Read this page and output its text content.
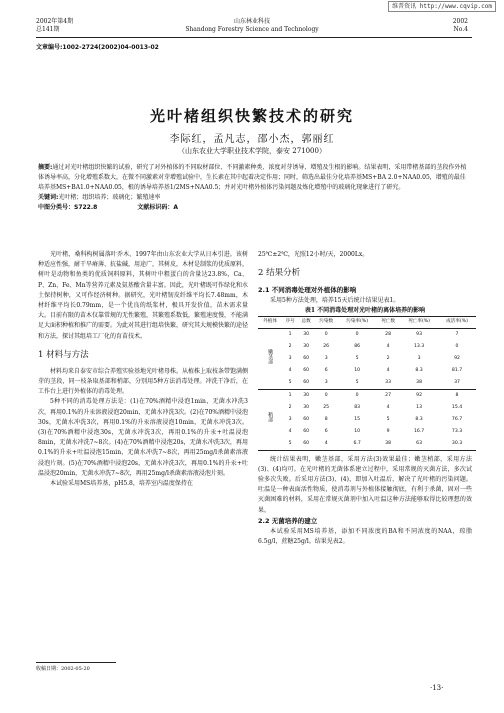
维普资讯 http://www.cqvip.com
2002年第4期
总141期
山东林业科技
Shandong Forestry Science and Technology
2002
No.4
文章编号:1002-2724(2002)04-0013-02
光叶楮组织快繁技术的研究
李际红，孟凡志，邵小杰，郭丽红
（山东农业大学职业技术学院，泰安 271000）
摘要:通过对光叶楮组织快繁的试验，研究了对外植体的不同取材部位、不同激素种类、浓度对芽诱导、增殖及生根的影响。结果表明，采用带楮基部的茎段作外植体诱导率高，分化增殖系数大，在微不同激素对芽增殖试验中，生长素在其中起着决定作用；同时，筛选出最佳分化培养基MS+BA 2.0+NAA0.05，增殖的最佳培养基MS+BA1.0+NAA0.05，根的诱导培养基1/2MS+NAA0.5；并对光叶楮外植体污染问题及炼化增殖中的玻璃化现象进行了研究。
关键词:光叶楮；组织培养；玻璃化；繁殖速率
中图分类号：S722.8	文献标识码：A

光叶楮，桑科构树属落叶乔木，1997年由山东农业大学从日本引进。该树种适应性强，耐干旱瘠薄、抗盐碱，用途广，其树皮，木材是制浆的优质原料，树叶是动物和鱼类的优质饲料原料，其树叶中粗蛋白的含量达23.8%，Ca、P、Zn、Fe、Mn等营养元素及氨基酸含量丰富。因此，光叶楮既可作绿化和水土保持树种，又可作经济树种。据研究，光叶楮韧皮纤维平均长7.48mm，木材纤维平均长0.79mm，是一个优良的纸浆材，极具开发价值，苗木需求量大。目前有限的苗木仅靠常规的无性繁殖，其繁殖系数低，繁殖速度慢，不能满足大面积种植和推广的需要。为此对其进行组培快繁，研究其大规模快繁的途径和方法，探讨其组培工厂化的育苗技术。

1 材料与方法

材料均来自泰安市综合养殖实验基地光叶楮母株。从植株上取枝条带饱满侧芽的茎段，同一枝条取基部和梢部，分别用5种方法消毒处理。冲洗干净后，在工作台上进行外植体的消毒处理。

5种不同的消毒处理方法是：(1)在70%酒精中浸泡1min，无菌水冲洗3次，再用0.1%的升汞溶液浸泡20min，无菌水冲洗3次。(2)在70%酒精中浸泡30s，无菌水冲洗3次，再用0.1%的升汞溶液浸泡10min，无菌水冲洗3次。(3)在70%酒精中浸泡30s，无菌水冲洗3次，再用0.1%的升汞+吐温浸泡8min，无菌水冲洗7~8次。(4)在70%酒精中浸泡20s，无菌水冲洗3次，再用0.1%的升汞+吐温浸泡15min，无菌水冲洗7~8次，再用25mg/l杀菌素溶液浸泡片刻。(5)在70%酒精中浸泡20s，无菌水冲洗3次，再用0.1%的升汞+吐温浸泡20min，无菌水冲洗7~8次，再用25mg/l杀菌素溶液浸泡片刻。

本试验采用MS培养基，pH5.8，培养室内温度保持在

收稿日期：2002-05-20
25℃±2℃，光照12小时/天，2000Lx。
2 结果分析
2.1 不同消毒处理对外植体的影响

采用5种方法处理，培养15天后统计结果见表1。

表1 不同消毒处理对光叶楮的离体培养的影响
外植体	序号	总数	污染数	污染率(%)	死亡数	死亡率(%)	成活率(%)
嫩茎部	1	30	0	0	28	93	7
	2	30	26	86	4	13.3	0
	3	60	3	5	2	3	92
	4	60	6	10	4	8.3	81.7
	5	60	3	5	33	38	37
稍部	1	30	0	0	27	92	8
	2	30	25	83	4	13	15.4
	3	60	8	15	5	8.3	76.7
	4	60	6	10	9	16.7	73.3
	5	60	4	6.7	38	63	30.3

统计结果表明，嫩茎基部，采用方法(3)效果最佳；嫩茎梢部，采用方法(3)、(4)均可。在光叶楮的无菌体系建立过程中，采用常规的灭菌方法，多次试验多次失败。后采用方法(3)、(4)，即加入吐温后，解决了光叶楮的污染问题。吐温是一种表面活性物质，使消毒剂与外植体接触彻底，有利于杀菌，固对一些灭菌困难的材料，采用在常规灭菌剂中加入吐温这种方法能够取得比较理想的效果。

2.2 无菌培养的建立

本试验采用MS培养基，添加不同浓度的BA和不同浓度的NAA，琼脂6.5g/l，蔗糖25g/l。结果见表2。

·13·
